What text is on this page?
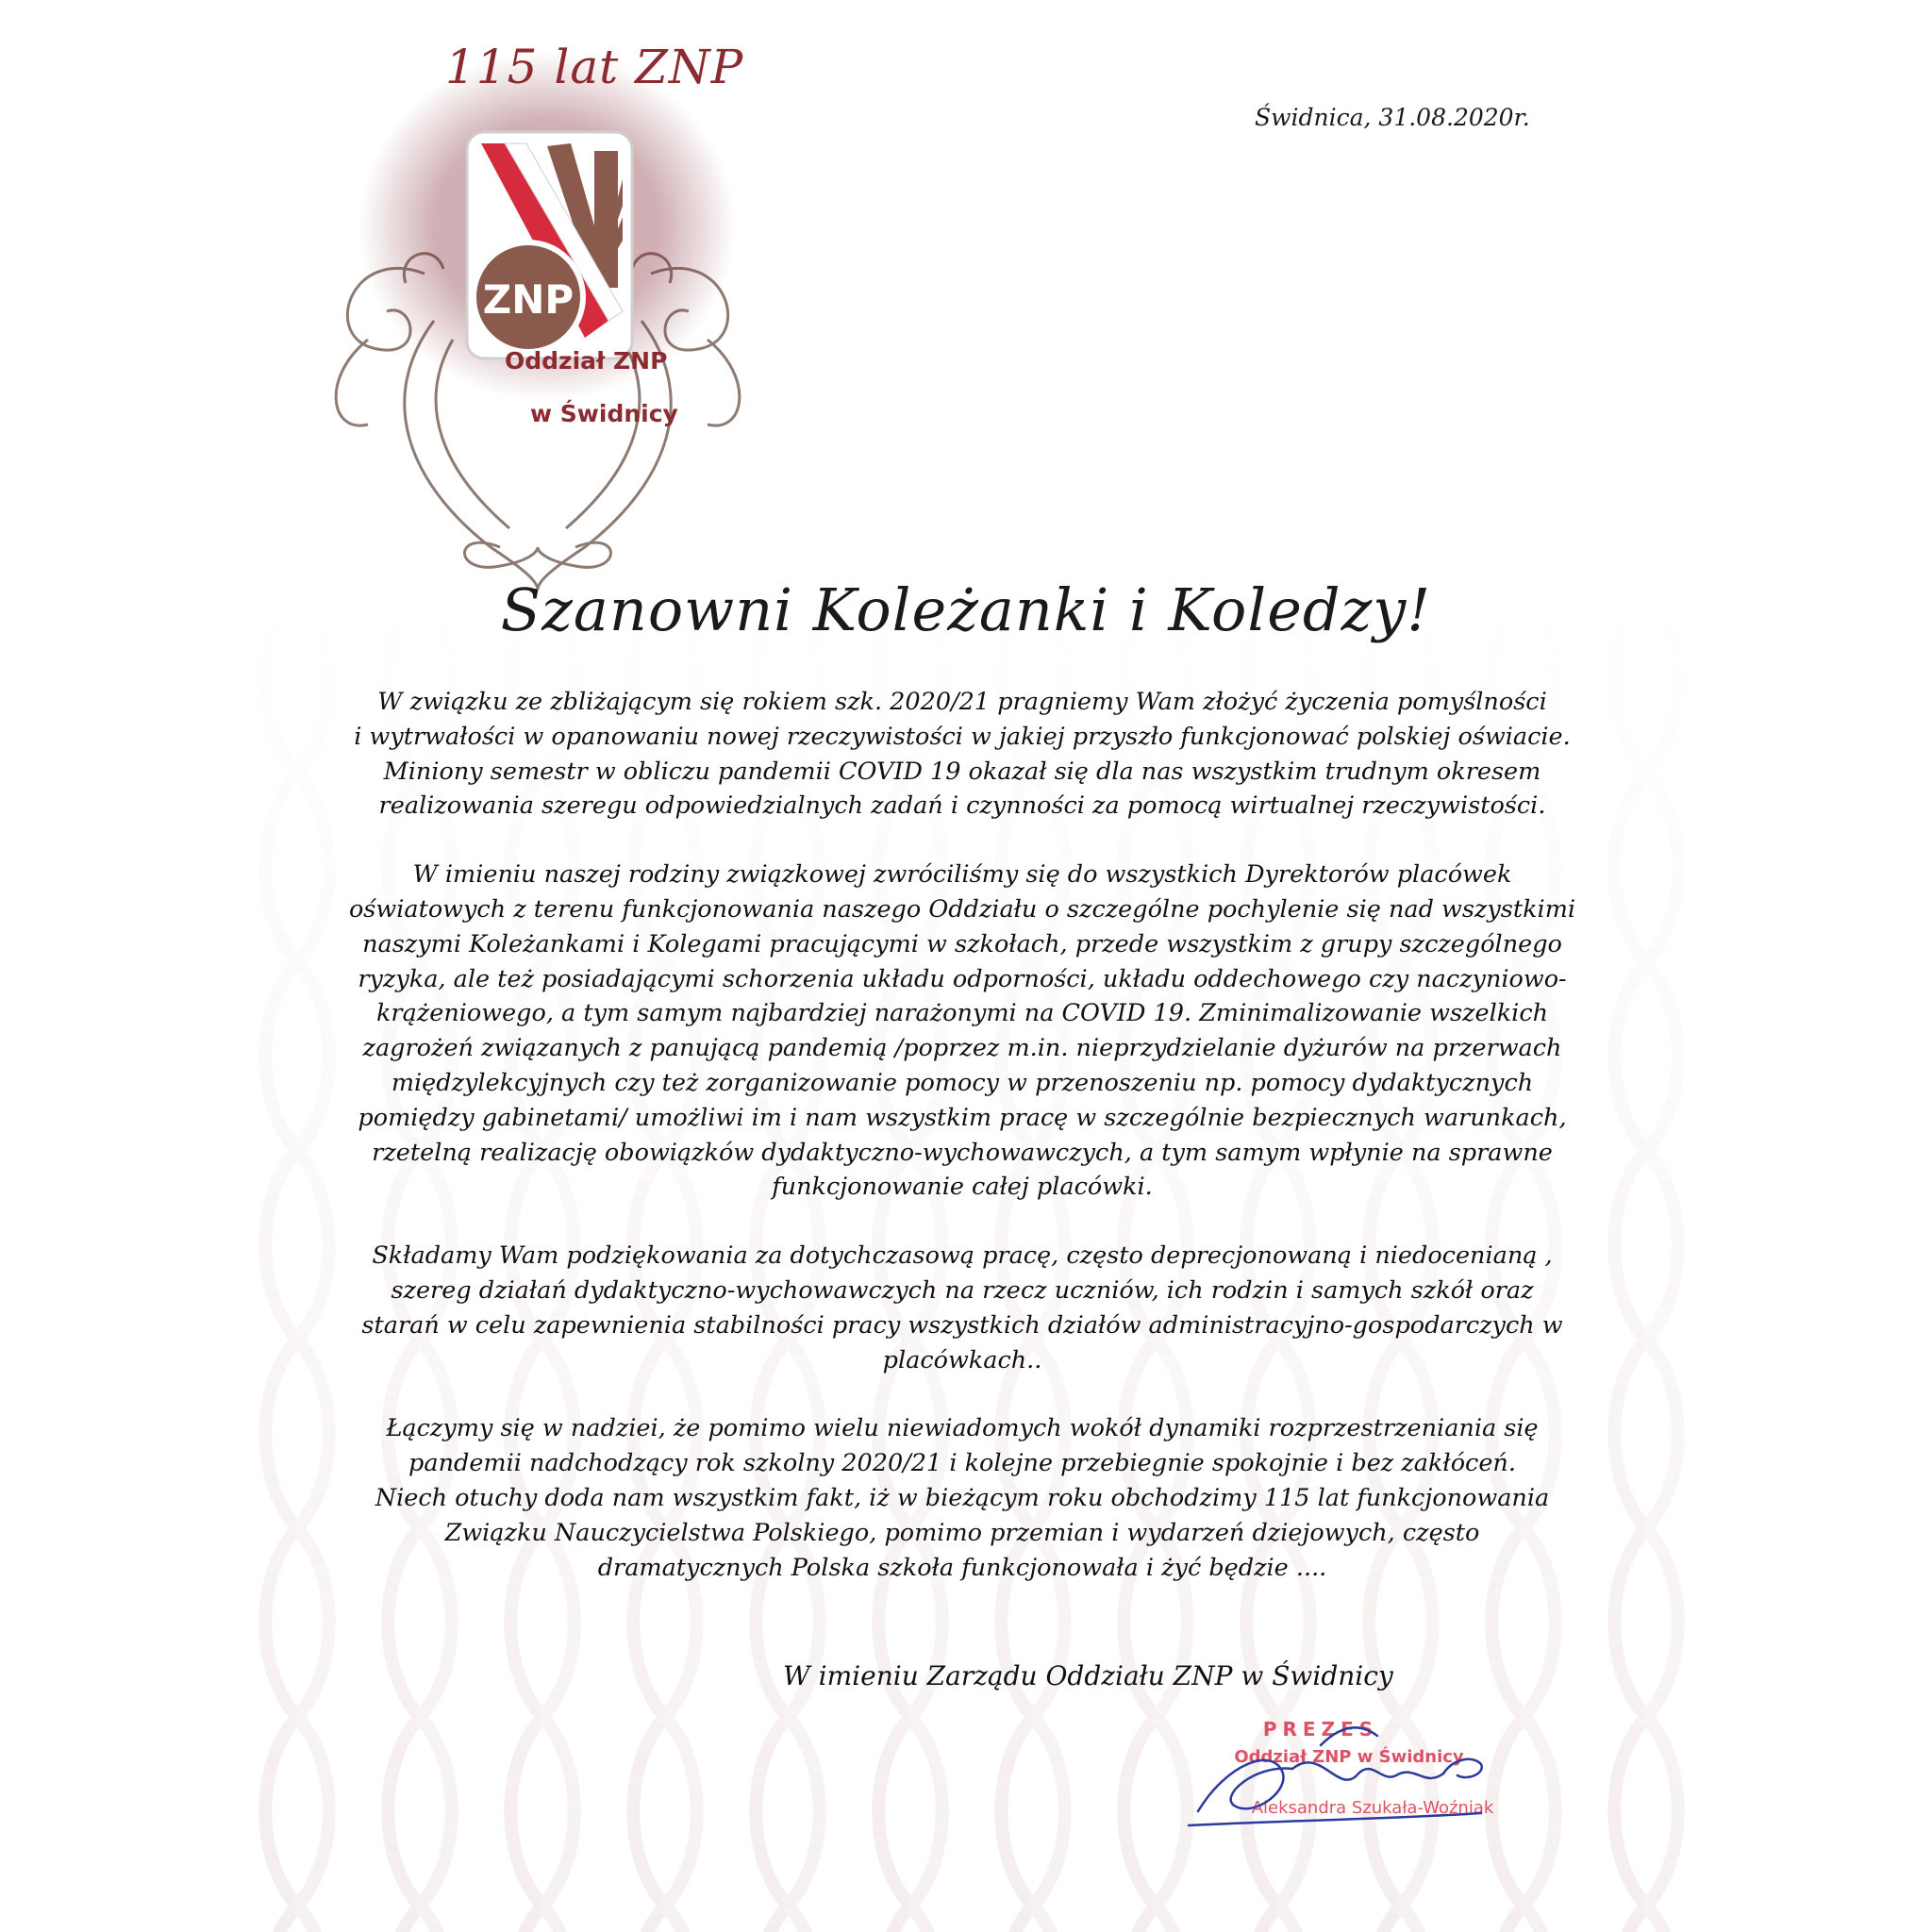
ZNP
115 lat ZNP
Oddział ZNP
w Świdnicy
Świdnica, 31.08.2020r.
Szanowni Koleżanki i Koledzy!

W związku ze zbliżającym się rokiem szk. 2020/21 pragniemy Wam złożyć życzenia pomyślności
i wytrwałości w opanowaniu nowej rzeczywistości w jakiej przyszło funkcjonować polskiej oświacie.
Miniony semestr w obliczu pandemii COVID 19 okazał się dla nas wszystkim trudnym okresem
realizowania szeregu odpowiedzialnych zadań i czynności za pomocą wirtualnej rzeczywistości.

W imieniu naszej rodziny związkowej zwróciliśmy się do wszystkich Dyrektorów placówek
oświatowych z terenu funkcjonowania naszego Oddziału o szczególne pochylenie się nad wszystkimi
naszymi Koleżankami i Kolegami pracującymi w szkołach, przede wszystkim z grupy szczególnego
ryzyka, ale też posiadającymi schorzenia układu odporności, układu oddechowego czy naczyniowo-
krążeniowego, a tym samym najbardziej narażonymi na COVID 19. Zminimalizowanie wszelkich
zagrożeń związanych z panującą pandemią /poprzez m.in. nieprzydzielanie dyżurów na przerwach
międzylekcyjnych czy też zorganizowanie pomocy w przenoszeniu np. pomocy dydaktycznych
pomiędzy gabinetami/ umożliwi im i nam wszystkim pracę w szczególnie bezpiecznych warunkach,
rzetelną realizację obowiązków dydaktyczno-wychowawczych, a tym samym wpłynie na sprawne
funkcjonowanie całej placówki.

Składamy Wam podziękowania za dotychczasową pracę, często deprecjonowaną i niedocenianą ,
szereg działań dydaktyczno-wychowawczych na rzecz uczniów, ich rodzin i samych szkół oraz
starań w celu zapewnienia stabilności pracy wszystkich działów administracyjno-gospodarczych w
placówkach..

Łączymy się w nadziei, że pomimo wielu niewiadomych wokół dynamiki rozprzestrzeniania się
pandemii nadchodzący rok szkolny 2020/21 i kolejne przebiegnie spokojnie i bez zakłóceń.
Niech otuchy doda nam wszystkim fakt, iż w bieżącym roku obchodzimy 115 lat funkcjonowania
Związku Nauczycielstwa Polskiego, pomimo przemian i wydarzeń dziejowych, często
dramatycznych Polska szkoła funkcjonowała i żyć będzie ....

W imieniu Zarządu Oddziału ZNP w Świdnicy
PREZES
Oddział ZNP w Świdnicy
Aleksandra Szukała-Woźniak
